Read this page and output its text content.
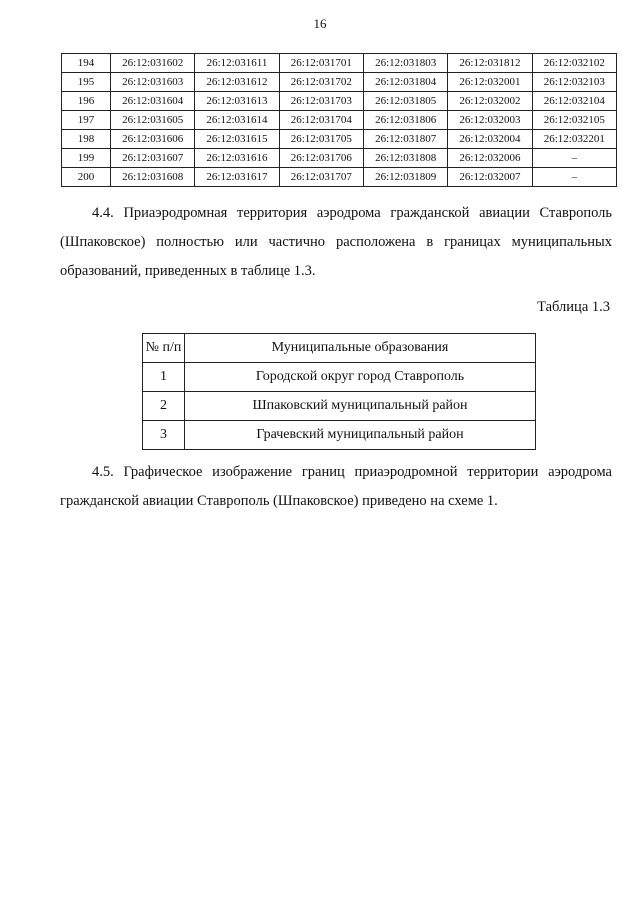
16
194	26:12:031602	26:12:031611	26:12:031701	26:12:031803	26:12:031812	26:12:032102
195	26:12:031603	26:12:031612	26:12:031702	26:12:031804	26:12:032001	26:12:032103
196	26:12:031604	26:12:031613	26:12:031703	26:12:031805	26:12:032002	26:12:032104
197	26:12:031605	26:12:031614	26:12:031704	26:12:031806	26:12:032003	26:12:032105
198	26:12:031606	26:12:031615	26:12:031705	26:12:031807	26:12:032004	26:12:032201
199	26:12:031607	26:12:031616	26:12:031706	26:12:031808	26:12:032006	–
200	26:12:031608	26:12:031617	26:12:031707	26:12:031809	26:12:032007	–

4.4. Приаэродромная территория аэродрома гражданской авиации Ставрополь (Шпаковское) полностью или частично расположена в границах муниципальных образований, приведенных в таблице 1.3.

Таблица 1.3
№ п/п	Муниципальные образования
1	Городской округ город Ставрополь
2	Шпаковский муниципальный район
3	Грачевский муниципальный район

4.5. Графическое изображение границ приаэродромной территории аэродрома гражданской авиации Ставрополь (Шпаковское) приведено на схеме 1.
